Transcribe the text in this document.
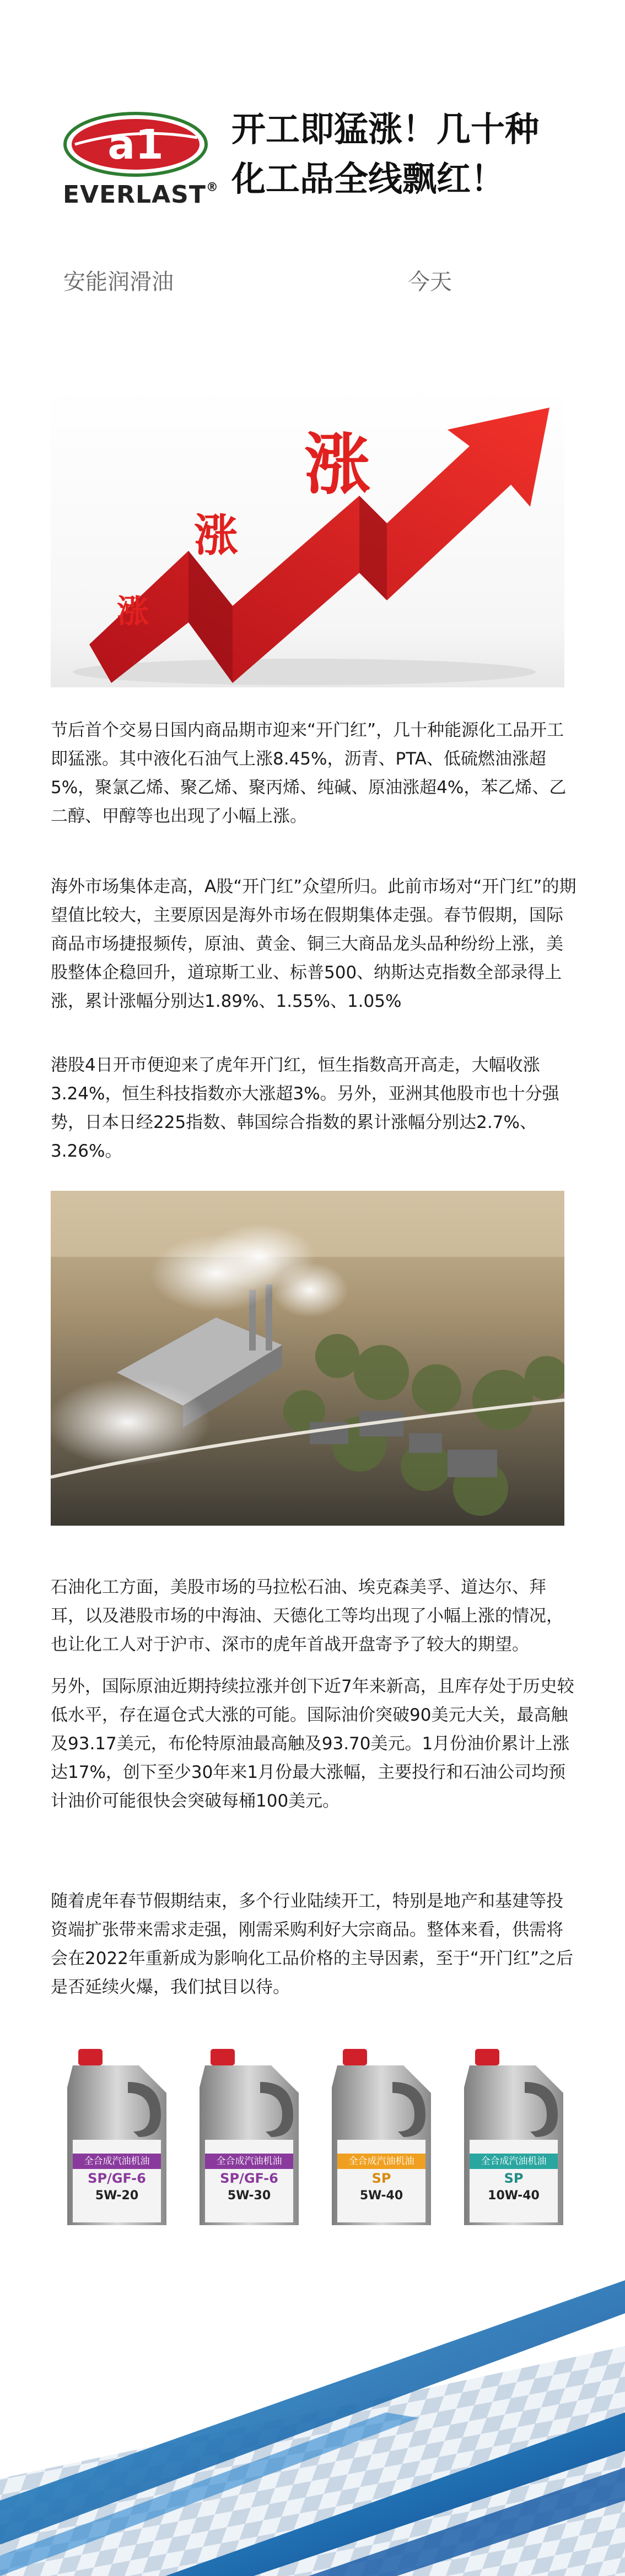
a1
EVERLAST®
开工即猛涨！几十种
化工品全线飘红！
安能润滑油	今天
涨
涨
涨

节后首个交易日国内商品期市迎来“开门红”，几十种能源化工品开工即猛涨。其中液化石油气上涨8.45%，沥青、PTA、低硫燃油涨超5%，聚氯乙烯、聚乙烯、聚丙烯、纯碱、原油涨超4%，苯乙烯、乙二醇、甲醇等也出现了小幅上涨。

海外市场集体走高，A股“开门红”众望所归。此前市场对“开门红”的期望值比较大，主要原因是海外市场在假期集体走强。春节假期，国际商品市场捷报频传，原油、黄金、铜三大商品龙头品种纷纷上涨，美股整体企稳回升，道琼斯工业、标普500、纳斯达克指数全部录得上涨，累计涨幅分别达1.89%、1.55%、1.05%

港股4日开市便迎来了虎年开门红，恒生指数高开高走，大幅收涨3.24%，恒生科技指数亦大涨超3%。另外，亚洲其他股市也十分强势，日本日经225指数、韩国综合指数的累计涨幅分别达2.7%、3.26%。

石油化工方面，美股市场的马拉松石油、埃克森美孚、道达尔、拜耳，以及港股市场的中海油、天德化工等均出现了小幅上涨的情况，也让化工人对于沪市、深市的虎年首战开盘寄予了较大的期望。

另外，国际原油近期持续拉涨并创下近7年来新高，且库存处于历史较低水平，存在逼仓式大涨的可能。国际油价突破90美元大关，最高触及93.17美元，布伦特原油最高触及93.70美元。1月份油价累计上涨达17%，创下至少30年来1月份最大涨幅，主要投行和石油公司均预计油价可能很快会突破每桶100美元。

随着虎年春节假期结束，多个行业陆续开工，特别是地产和基建等投资端扩张带来需求走强，刚需采购利好大宗商品。整体来看，供需将会在2022年重新成为影响化工品价格的主导因素，至于“开门红”之后是否延续火爆，我们拭目以待。

全合成汽油机油
SP/GF-6
5W-20
全合成汽油机油
SP/GF-6
5W-30
全合成汽油机油
SP
5W-40
全合成汽油机油
SP
10W-40
